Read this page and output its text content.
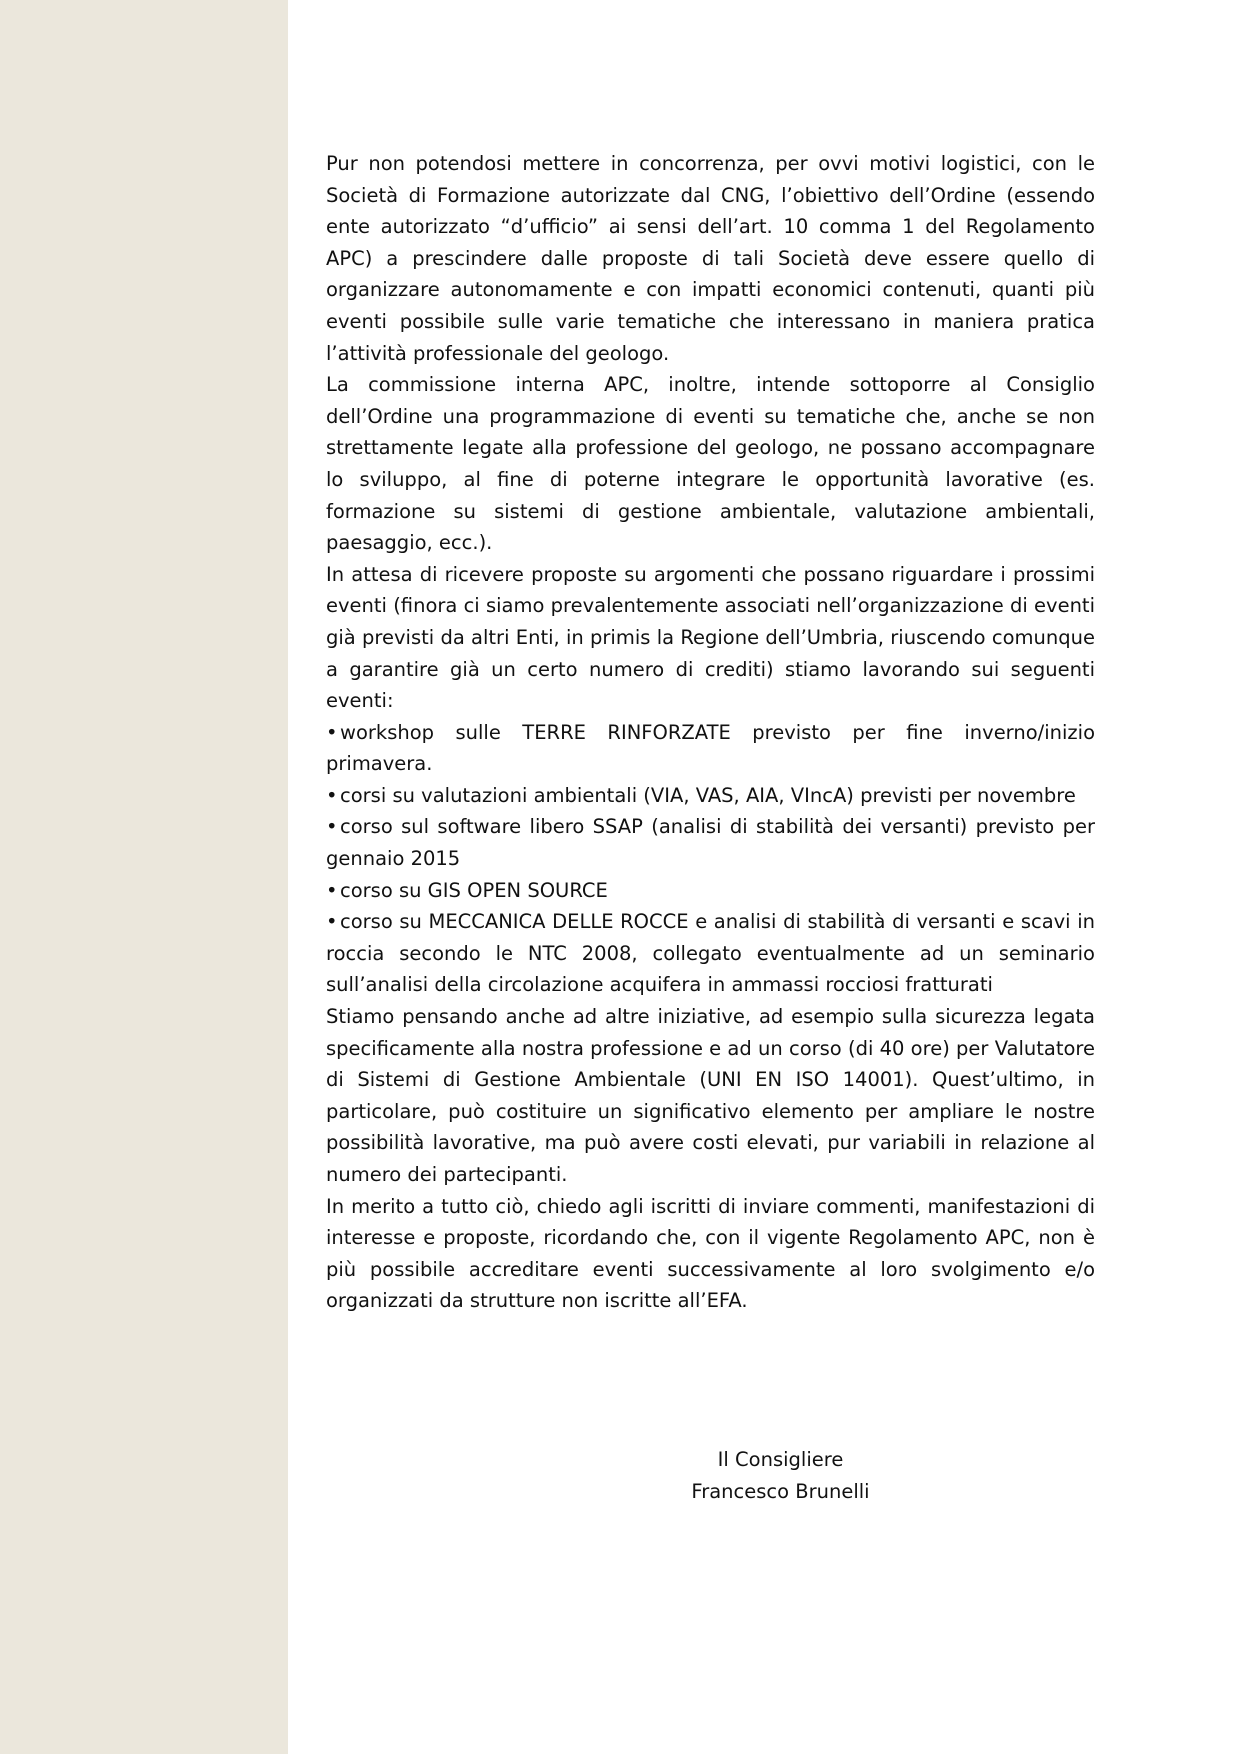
Pur non potendosi mettere in concorrenza, per ovvi motivi logistici, con le Società di Formazione autorizzate dal CNG, l’obiettivo dell’Ordine (essendo ente autorizzato “d’ufficio” ai sensi dell’art. 10 comma 1 del Regolamento APC) a prescindere dalle proposte di tali Società deve essere quello di organizzare autonomamente e con impatti economici contenuti, quanti più eventi possibile sulle varie tematiche che interessano in maniera pratica l’attività professionale del geologo.

La commissione interna APC, inoltre, intende sottoporre al Consiglio dell’Ordine una programmazione di eventi su tematiche che, anche se non strettamente legate alla professione del geologo, ne possano accompagnare lo sviluppo, al fine di poterne integrare le opportunità lavorative (es. formazione su sistemi di gestione ambientale, valutazione ambientali, paesaggio, ecc.).

In attesa di ricevere proposte su argomenti che possano riguardare i prossimi eventi (finora ci siamo prevalentemente associati nell’organizzazione di eventi già previsti da altri Enti, in primis la Regione dell’Umbria, riuscendo comunque a garantire già un certo numero di crediti) stiamo lavorando sui seguenti eventi:

• workshop sulle TERRE RINFORZATE previsto per fine inverno/inizio primavera.
• corsi su valutazioni ambientali (VIA, VAS, AIA, VIncA) previsti per novembre
• corso sul software libero SSAP (analisi di stabilità dei versanti) previsto per gennaio 2015
• corso su GIS OPEN SOURCE
• corso su MECCANICA DELLE ROCCE e analisi di stabilità di versanti e scavi in roccia secondo le NTC 2008, collegato eventualmente ad un seminario sull’analisi della circolazione acquifera in ammassi rocciosi fratturati

Stiamo pensando anche ad altre iniziative, ad esempio sulla sicurezza legata specificamente alla nostra professione e ad un corso (di 40 ore) per Valutatore di Sistemi di Gestione Ambientale (UNI EN ISO 14001). Quest’ultimo, in particolare, può costituire un significativo elemento per ampliare le nostre possibilità lavorative, ma può avere costi elevati, pur variabili in relazione al numero dei partecipanti.

In merito a tutto ciò, chiedo agli iscritti di inviare commenti, manifestazioni di interesse e proposte, ricordando che, con il vigente Regolamento APC, non è più possibile accreditare eventi successivamente al loro svolgimento e/o organizzati da strutture non iscritte all’EFA.

Il Consigliere
Francesco Brunelli
